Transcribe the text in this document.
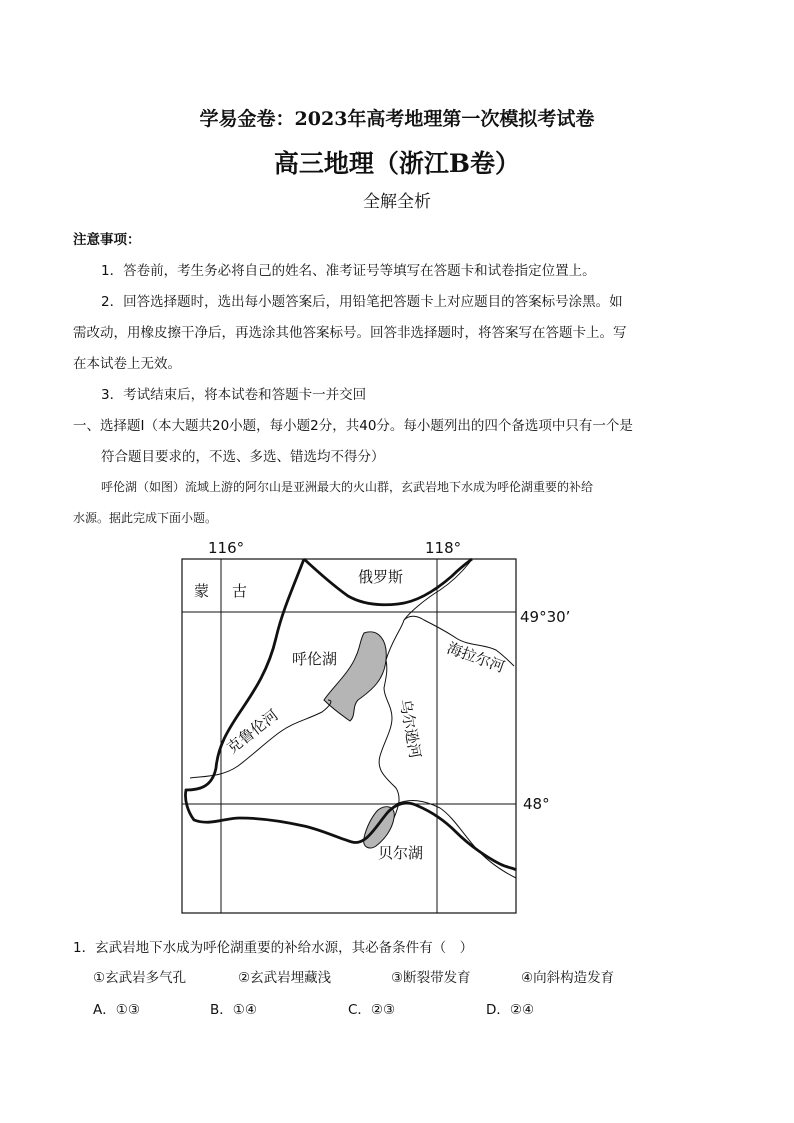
学易金卷：2023年高考地理第一次模拟考试卷
高三地理（浙江B卷）
全解全析
注意事项：
1．答卷前，考生务必将自己的姓名、准考证号等填写在答题卡和试卷指定位置上。
2．回答选择题时，选出每小题答案后，用铅笔把答题卡上对应题目的答案标号涂黑。如
需改动，用橡皮擦干净后，再选涂其他答案标号。回答非选择题时，将答案写在答题卡上。写
在本试卷上无效。
3．考试结束后，将本试卷和答题卡一并交回
一、选择题Ⅰ（本大题共20小题，每小题2分，共40分。每小题列出的四个备选项中只有一个是
符合题目要求的，不选、多选、错选均不得分）
呼伦湖（如图）流域上游的阿尔山是亚洲最大的火山群，玄武岩地下水成为呼伦湖重要的补给
水源。据此完成下面小题。
116°	118°
49°30’
48°
蒙 古
俄罗斯
呼伦湖	海拉尔河
克鲁伦河	乌尔逊河
贝尔湖
1．玄武岩地下水成为呼伦湖重要的补给水源，其必备条件有（　）
①玄武岩多气孔	②玄武岩埋藏浅	③断裂带发育	④向斜构造发育
A．①③	B．①④	C．②③	D．②④
